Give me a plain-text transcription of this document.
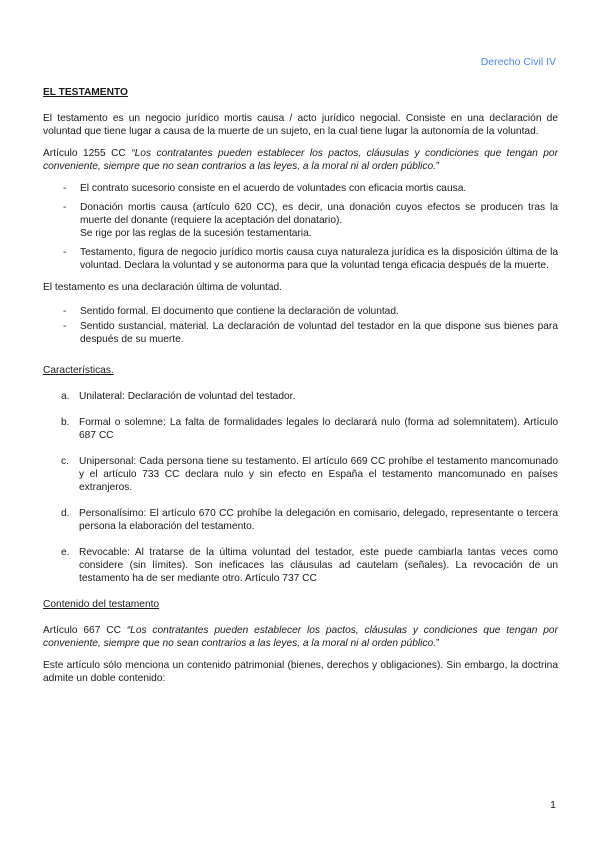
Derecho Civil IV
EL TESTAMENTO

El testamento es un negocio jurídico mortis causa / acto jurídico negocial. Consiste en una declaración de voluntad que tiene lugar a causa de la muerte de un sujeto, en la cual tiene lugar la autonomía de la voluntad.

Artículo 1255 CC “Los contratantes pueden establecer los pactos, cláusulas y condiciones que tengan por conveniente, siempre que no sean contrarios a las leyes, a la moral ni al orden público.”

- El contrato sucesorio consiste en el acuerdo de voluntades con eficacia mortis causa.
- Donación mortis causa (artículo 620 CC), es decir, una donación cuyos efectos se producen tras la muerte del donante (requiere la aceptación del donatario).
Se rige por las reglas de la sucesión testamentaria.
- Testamento, figura de negocio jurídico mortis causa cuya naturaleza jurídica es la disposición última de la voluntad. Declara la voluntad y se autonorma para que la voluntad tenga eficacia después de la muerte.

El testamento es una declaración última de voluntad.

- Sentido formal. El documento que contiene la declaración de voluntad.
- Sentido sustancial, material. La declaración de voluntad del testador en la que dispone sus bienes para después de su muerte.
Características.
a. Unilateral: Declaración de voluntad del testador.
b. Formal o solemne: La falta de formalidades legales lo declarará nulo (forma ad solemnitatem). Artículo 687 CC
c. Unipersonal: Cada persona tiene su testamento. El artículo 669 CC prohíbe el testamento mancomunado y el artículo 733 CC declara nulo y sin efecto en España el testamento mancomunado en países extranjeros.
d. Personalísimo: El artículo 670 CC prohíbe la delegación en comisario, delegado, representante o tercera persona la elaboración del testamento.
e. Revocable: Al tratarse de la última voluntad del testador, este puede cambiarla tantas veces como considere (sin límites). Son ineficaces las cláusulas ad cautelam (señales). La revocación de un testamento ha de ser mediante otro. Artículo 737 CC
Contenido del testamento

Artículo 667 CC “Los contratantes pueden establecer los pactos, cláusulas y condiciones que tengan por conveniente, siempre que no sean contrarios a las leyes, a la moral ni al orden público.”

Este artículo sólo menciona un contenido patrimonial (bienes, derechos y obligaciones). Sin embargo, la doctrina admite un doble contenido:

1
